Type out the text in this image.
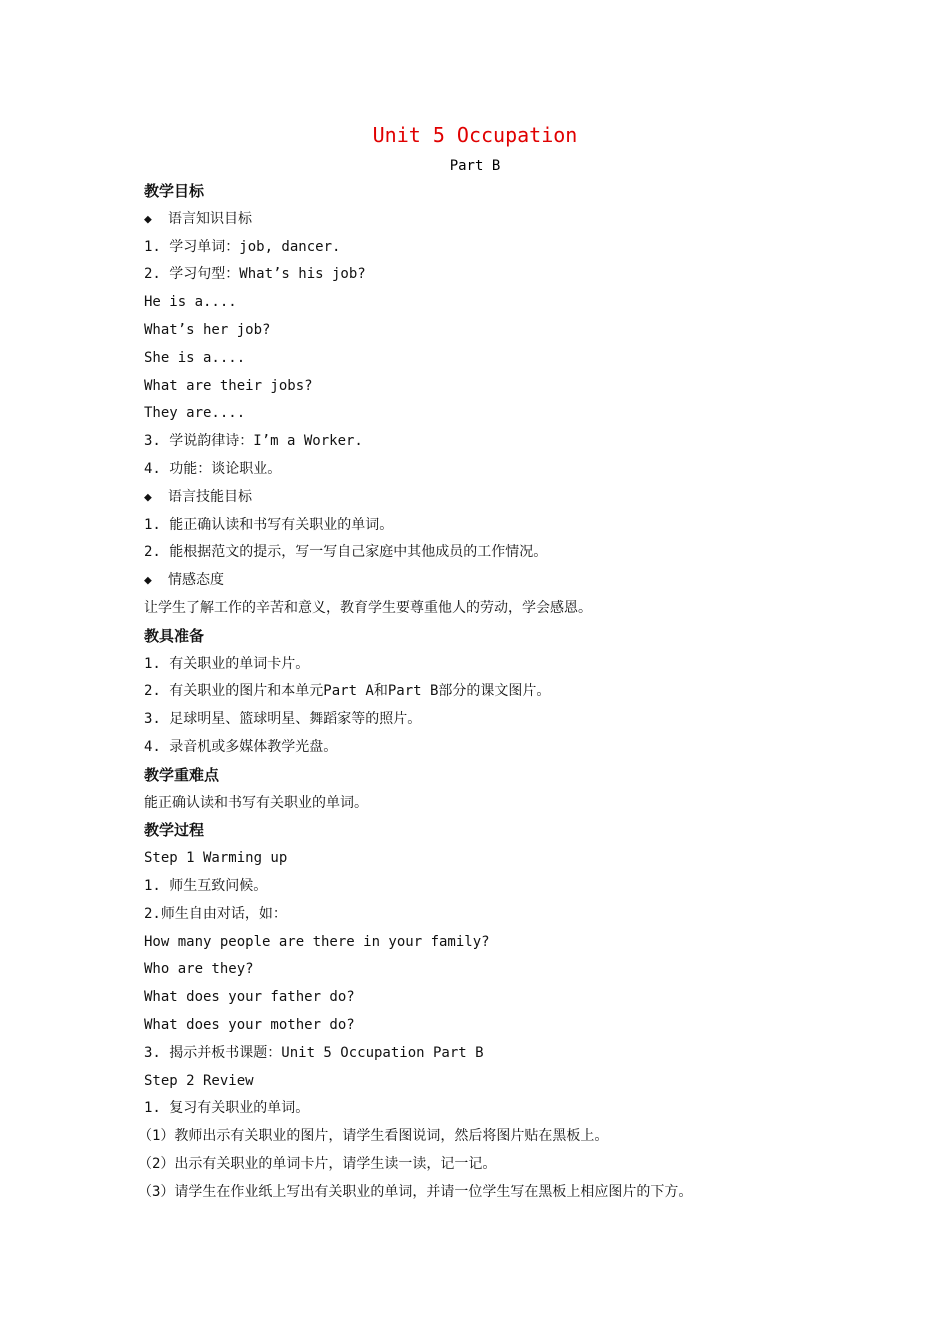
Unit 5 Occupation
Part B
教学目标
◆ 语言知识目标
1. 学习单词：job, dancer.
2. 学习句型：What’s his job?
He is a....
What’s her job?
She is a....
What are their jobs?
They are....
3. 学说韵律诗：I’m a Worker.
4. 功能：谈论职业。
◆ 语言技能目标
1. 能正确认读和书写有关职业的单词。
2. 能根据范文的提示，写一写自己家庭中其他成员的工作情况。
◆ 情感态度
让学生了解工作的辛苦和意义，教育学生要尊重他人的劳动，学会感恩。
教具准备
1. 有关职业的单词卡片。
2. 有关职业的图片和本单元Part A和Part B部分的课文图片。
3. 足球明星、篮球明星、舞蹈家等的照片。
4. 录音机或多媒体教学光盘。
教学重难点
能正确认读和书写有关职业的单词。
教学过程
Step 1 Warming up
1. 师生互致问候。
2.师生自由对话，如：
How many people are there in your family?
Who are they?
What does your father do?
What does your mother do?
3. 揭示并板书课题：Unit 5 Occupation Part B
Step 2 Review
1. 复习有关职业的单词。
（1）教师出示有关职业的图片，请学生看图说词，然后将图片贴在黑板上。
（2）出示有关职业的单词卡片，请学生读一读，记一记。
（3）请学生在作业纸上写出有关职业的单词，并请一位学生写在黑板上相应图片的下方。
